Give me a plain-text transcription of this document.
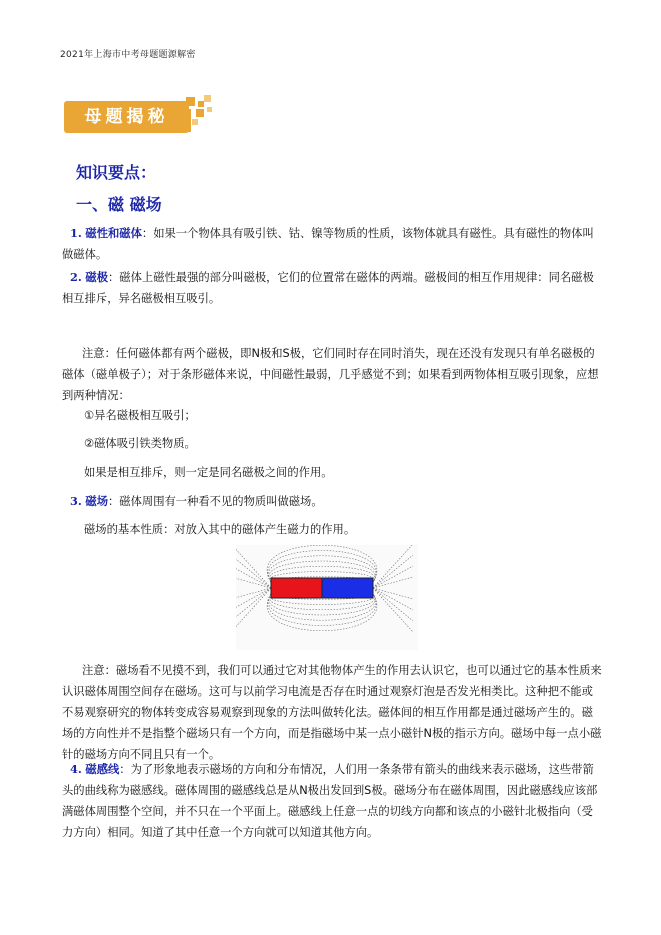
2021年上海市中考母题题源解密
母题揭秘
知识要点：
一、磁 磁场
1. 磁性和磁体：如果一个物体具有吸引铁、钴、镍等物质的性质，该物体就具有磁性。具有磁性的物体叫做磁体。
2. 磁极：磁体上磁性最强的部分叫磁极，它们的位置常在磁体的两端。磁极间的相互作用规律：同名磁极相互排斥，异名磁极相互吸引。
注意：任何磁体都有两个磁极，即N极和S极，它们同时存在同时消失，现在还没有发现只有单名磁极的磁体（磁单极子）；对于条形磁体来说，中间磁性最弱，几乎感觉不到；如果看到两物体相互吸引现象，应想到两种情况：
①异名磁极相互吸引；
②磁体吸引铁类物质。
如果是相互排斥，则一定是同名磁极之间的作用。
3. 磁场：磁体周围有一种看不见的物质叫做磁场。
磁场的基本性质：对放入其中的磁体产生磁力的作用。
注意：磁场看不见摸不到，我们可以通过它对其他物体产生的作用去认识它，也可以通过它的基本性质来认识磁体周围空间存在磁场。这可与以前学习电流是否存在时通过观察灯泡是否发光相类比。这种把不能或不易观察研究的物体转变成容易观察到现象的方法叫做转化法。磁体间的相互作用都是通过磁场产生的。磁场的方向性并不是指整个磁场只有一个方向，而是指磁场中某一点小磁针N极的指示方向。磁场中每一点小磁针的磁场方向不同且只有一个。
4. 磁感线：为了形象地表示磁场的方向和分布情况，人们用一条条带有箭头的曲线来表示磁场，这些带箭头的曲线称为磁感线。磁体周围的磁感线总是从N极出发回到S极。磁场分布在磁体周围，因此磁感线应该部满磁体周围整个空间，并不只在一个平面上。磁感线上任意一点的切线方向都和该点的小磁针北极指向（受力方向）相同。知道了其中任意一个方向就可以知道其他方向。
